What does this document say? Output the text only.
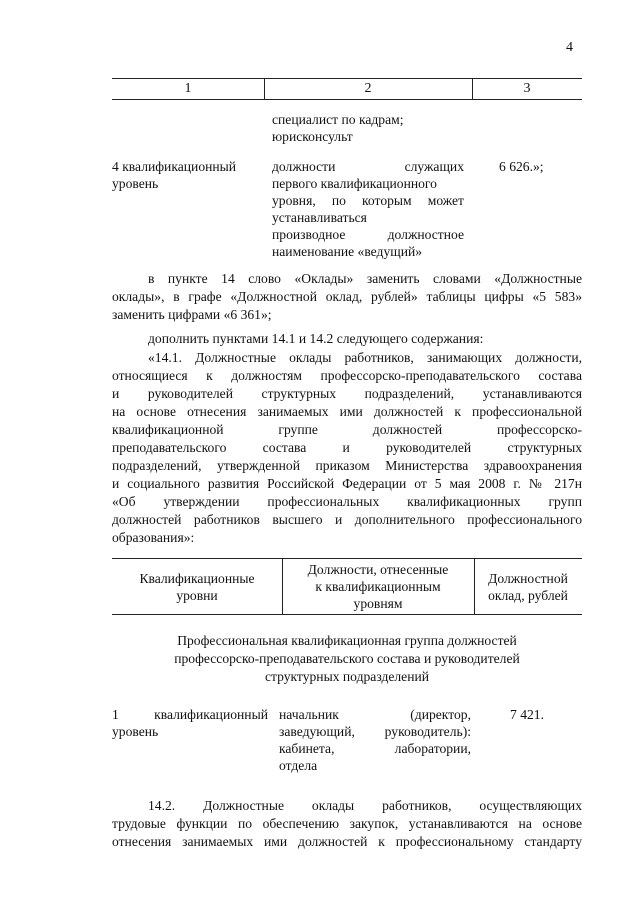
4
1	2	3
специалист по кадрам;
юрисконсульт
4 квалификационный
уровень
должности служащих
первого квалификационного
уровня, по которым может
устанавливаться
производное должностное
наименование «ведущий»
6 626.»;
в пункте 14 слово «Оклады» заменить словами «Должностные
оклады», в графе «Должностной оклад, рублей» таблицы цифры «5 583»
заменить цифрами «6 361»;
дополнить пунктами 14.1 и 14.2 следующего содержания:
«14.1. Должностные оклады работников, занимающих должности,
относящиеся к должностям профессорско-преподавательского состава
и руководителей структурных подразделений, устанавливаются
на основе отнесения занимаемых ими должностей к профессиональной
квалификационной группе должностей профессорско-
преподавательского состава и руководителей структурных
подразделений, утвержденной приказом Министерства здравоохранения
и социального развития Российской Федерации от 5 мая 2008 г. № 217н
«Об утверждении профессиональных квалификационных групп
должностей работников высшего и дополнительного профессионального
образования»:
Квалификационные
уровни
Должности, отнесенные
к квалификационным
уровням
Должностной
оклад, рублей
Профессиональная квалификационная группа должностей
профессорско-преподавательского состава и руководителей
структурных подразделений
1 квалификационный
уровень
начальник (директор,
заведующий, руководитель):
кабинета, лаборатории,
отдела
7 421.
14.2. Должностные оклады работников, осуществляющих
трудовые функции по обеспечению закупок, устанавливаются на основе
отнесения занимаемых ими должностей к профессиональному стандарту
